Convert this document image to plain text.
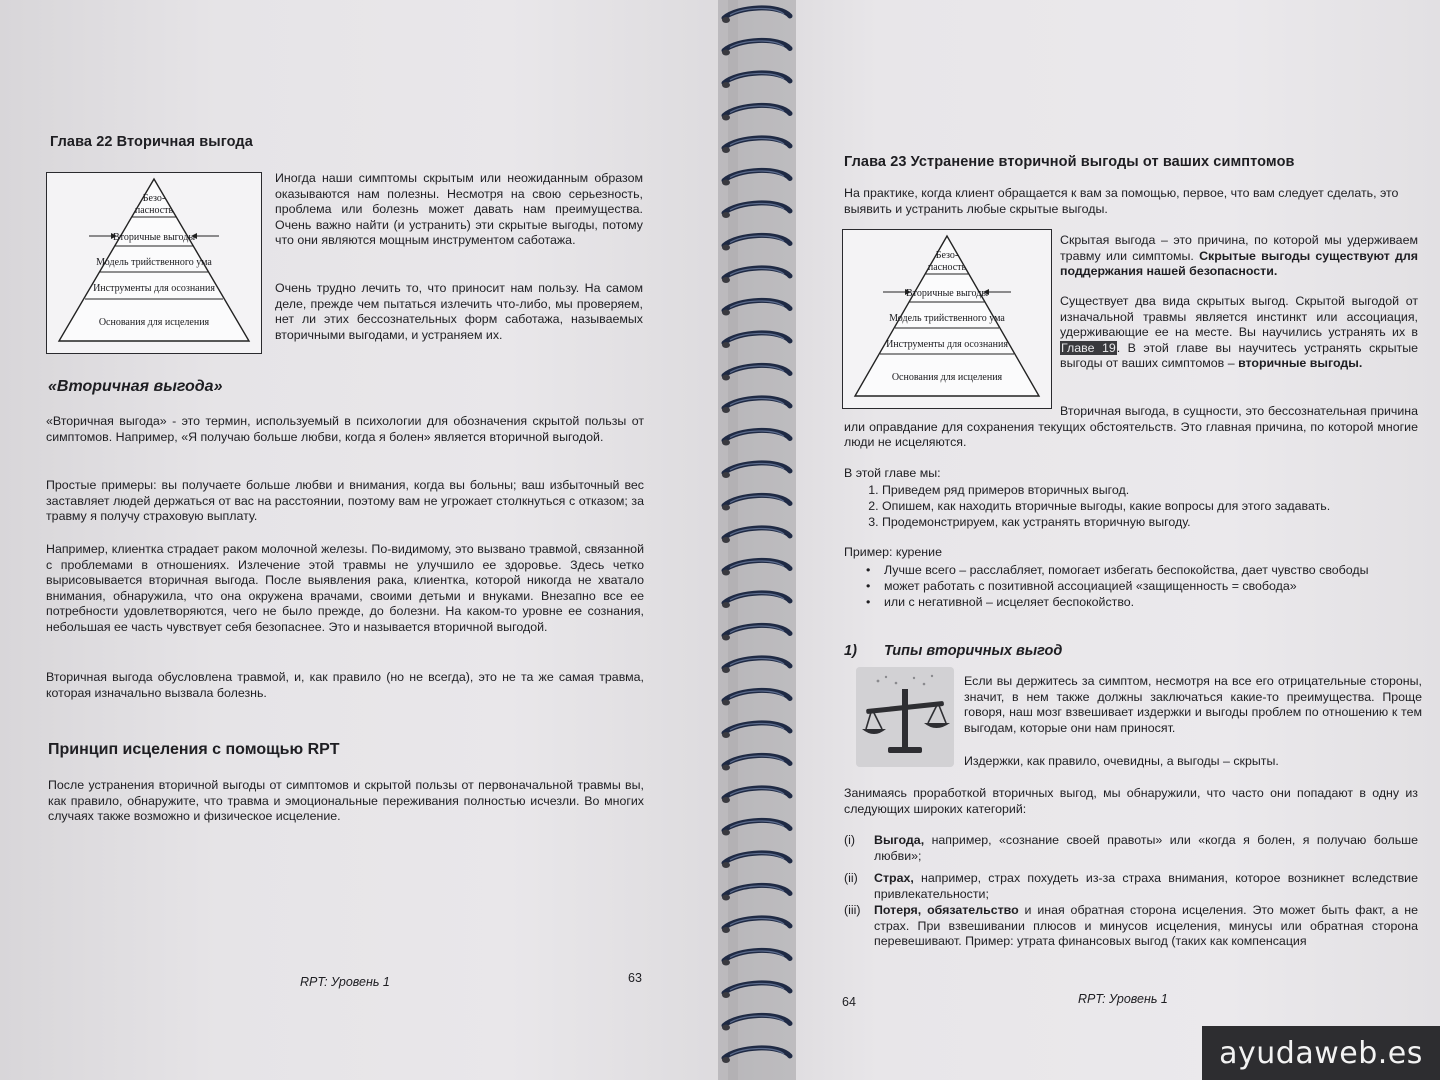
Глава 22 Вторичная выгода
Безо-
пасность
Вторичные выгоды
Модель трийственного ума
Инструменты для осознания
Основания для исцеления

Иногда наши симптомы скрытым или неожиданным образом оказываются нам полезны. Несмотря на свою серьезность, проблема или болезнь может давать нам преимущества. Очень важно найти (и устранить) эти скрытые выгоды, потому что они являются мощным инструментом саботажа.

Очень трудно лечить то, что приносит нам пользу. На самом деле, прежде чем пытаться излечить что-либо, мы проверяем, нет ли этих бессознательных форм саботажа, называемых вторичными выгодами, и устраняем их.

«Вторичная выгода»

«Вторичная выгода» - это термин, используемый в психологии для обозначения скрытой пользы от симптомов. Например, «Я получаю больше любви, когда я болен» является вторичной выгодой.

Простые примеры: вы получаете больше любви и внимания, когда вы больны; ваш избыточный вес заставляет людей держаться от вас на расстоянии, поэтому вам не угрожает столкнуться с отказом; за травму я получу страховую выплату.

Например, клиентка страдает раком молочной железы. По-видимому, это вызвано травмой, связанной с проблемами в отношениях. Излечение этой травмы не улучшило ее здоровье. Здесь четко вырисовывается вторичная выгода. После выявления рака, клиентка, которой никогда не хватало внимания, обнаружила, что она окружена врачами, своими детьми и внуками. Внезапно все ее потребности удовлетворяются, чего не было прежде, до болезни. На каком-то уровне ее сознания, небольшая ее часть чувствует себя безопаснее. Это и называется вторичной выгодой.

Вторичная выгода обусловлена травмой, и, как правило (но не всегда), это не та же самая травма, которая изначально вызвала болезнь.

Принцип исцеления с помощью RPT

После устранения вторичной выгоды от симптомов и скрытой пользы от первоначальной травмы вы, как правило, обнаружите, что травма и эмоциональные переживания полностью исчезли. Во многих случаях также возможно и физическое исцеление.

RPT: Уровень 1	63
Глава 23 Устранение вторичной выгоды от ваших симптомов

На практике, когда клиент обращается к вам за помощью, первое, что вам следует сделать, это выявить и устранить любые скрытые выгоды.

Безо-
пасность
Вторичные выгоды
Модель трийственного ума
Инструменты для осознания
Основания для исцеления

Скрытая выгода – это причина, по которой мы удерживаем травму или симптомы. Скрытые выгоды существуют для поддержания нашей безопасности.

Существует два вида скрытых выгод. Скрытой выгодой от изначальной травмы является инстинкт или ассоциация, удерживающие ее на месте. Вы научились устранять их в Главе 19. В этой главе вы научитесь устранять скрытые выгоды от ваших симптомов – вторичные выгоды.

Вторичная выгода, в сущности, это бессознательная причина или оправдание для сохранения текущих обстоятельств. Это главная причина, по которой многие люди не исцеляются.

В этой главе мы:

1. Приведем ряд примеров вторичных выгод.
2. Опишем, как находить вторичные выгоды, какие вопросы для этого задавать.
3. Продемонстрируем, как устранять вторичную выгоду.

Пример: курение

• Лучше всего – расслабляет, помогает избегать беспокойства, дает чувство свободы
• может работать с позитивной ассоциацией «защищенность = свобода»
• или с негативной – исцеляет беспокойство.
1) Типы вторичных выгод

Если вы держитесь за симптом, несмотря на все его отрицательные стороны, значит, в нем также должны заключаться какие-то преимущества. Проще говоря, наш мозг взвешивает издержки и выгоды проблем по отношению к тем выгодам, которые они нам приносят.

Издержки, как правило, очевидны, а выгоды – скрыты.

Занимаясь проработкой вторичных выгод, мы обнаружили, что часто они попадают в одну из следующих широких категорий:

(i) Выгода, например, «сознание своей правоты» или «когда я болен, я получаю больше любви»;

(ii) Страх, например, страх похудеть из-за страха внимания, которое возникнет вследствие привлекательности;

(iii) Потеря, обязательство и иная обратная сторона исцеления. Это может быть факт, а не страх. При взвешивании плюсов и минусов исцеления, минусы или обратная сторона перевешивают. Пример: утрата финансовых выгод (таких как компенсация

64	RPT: Уровень 1
ayudaweb.es
